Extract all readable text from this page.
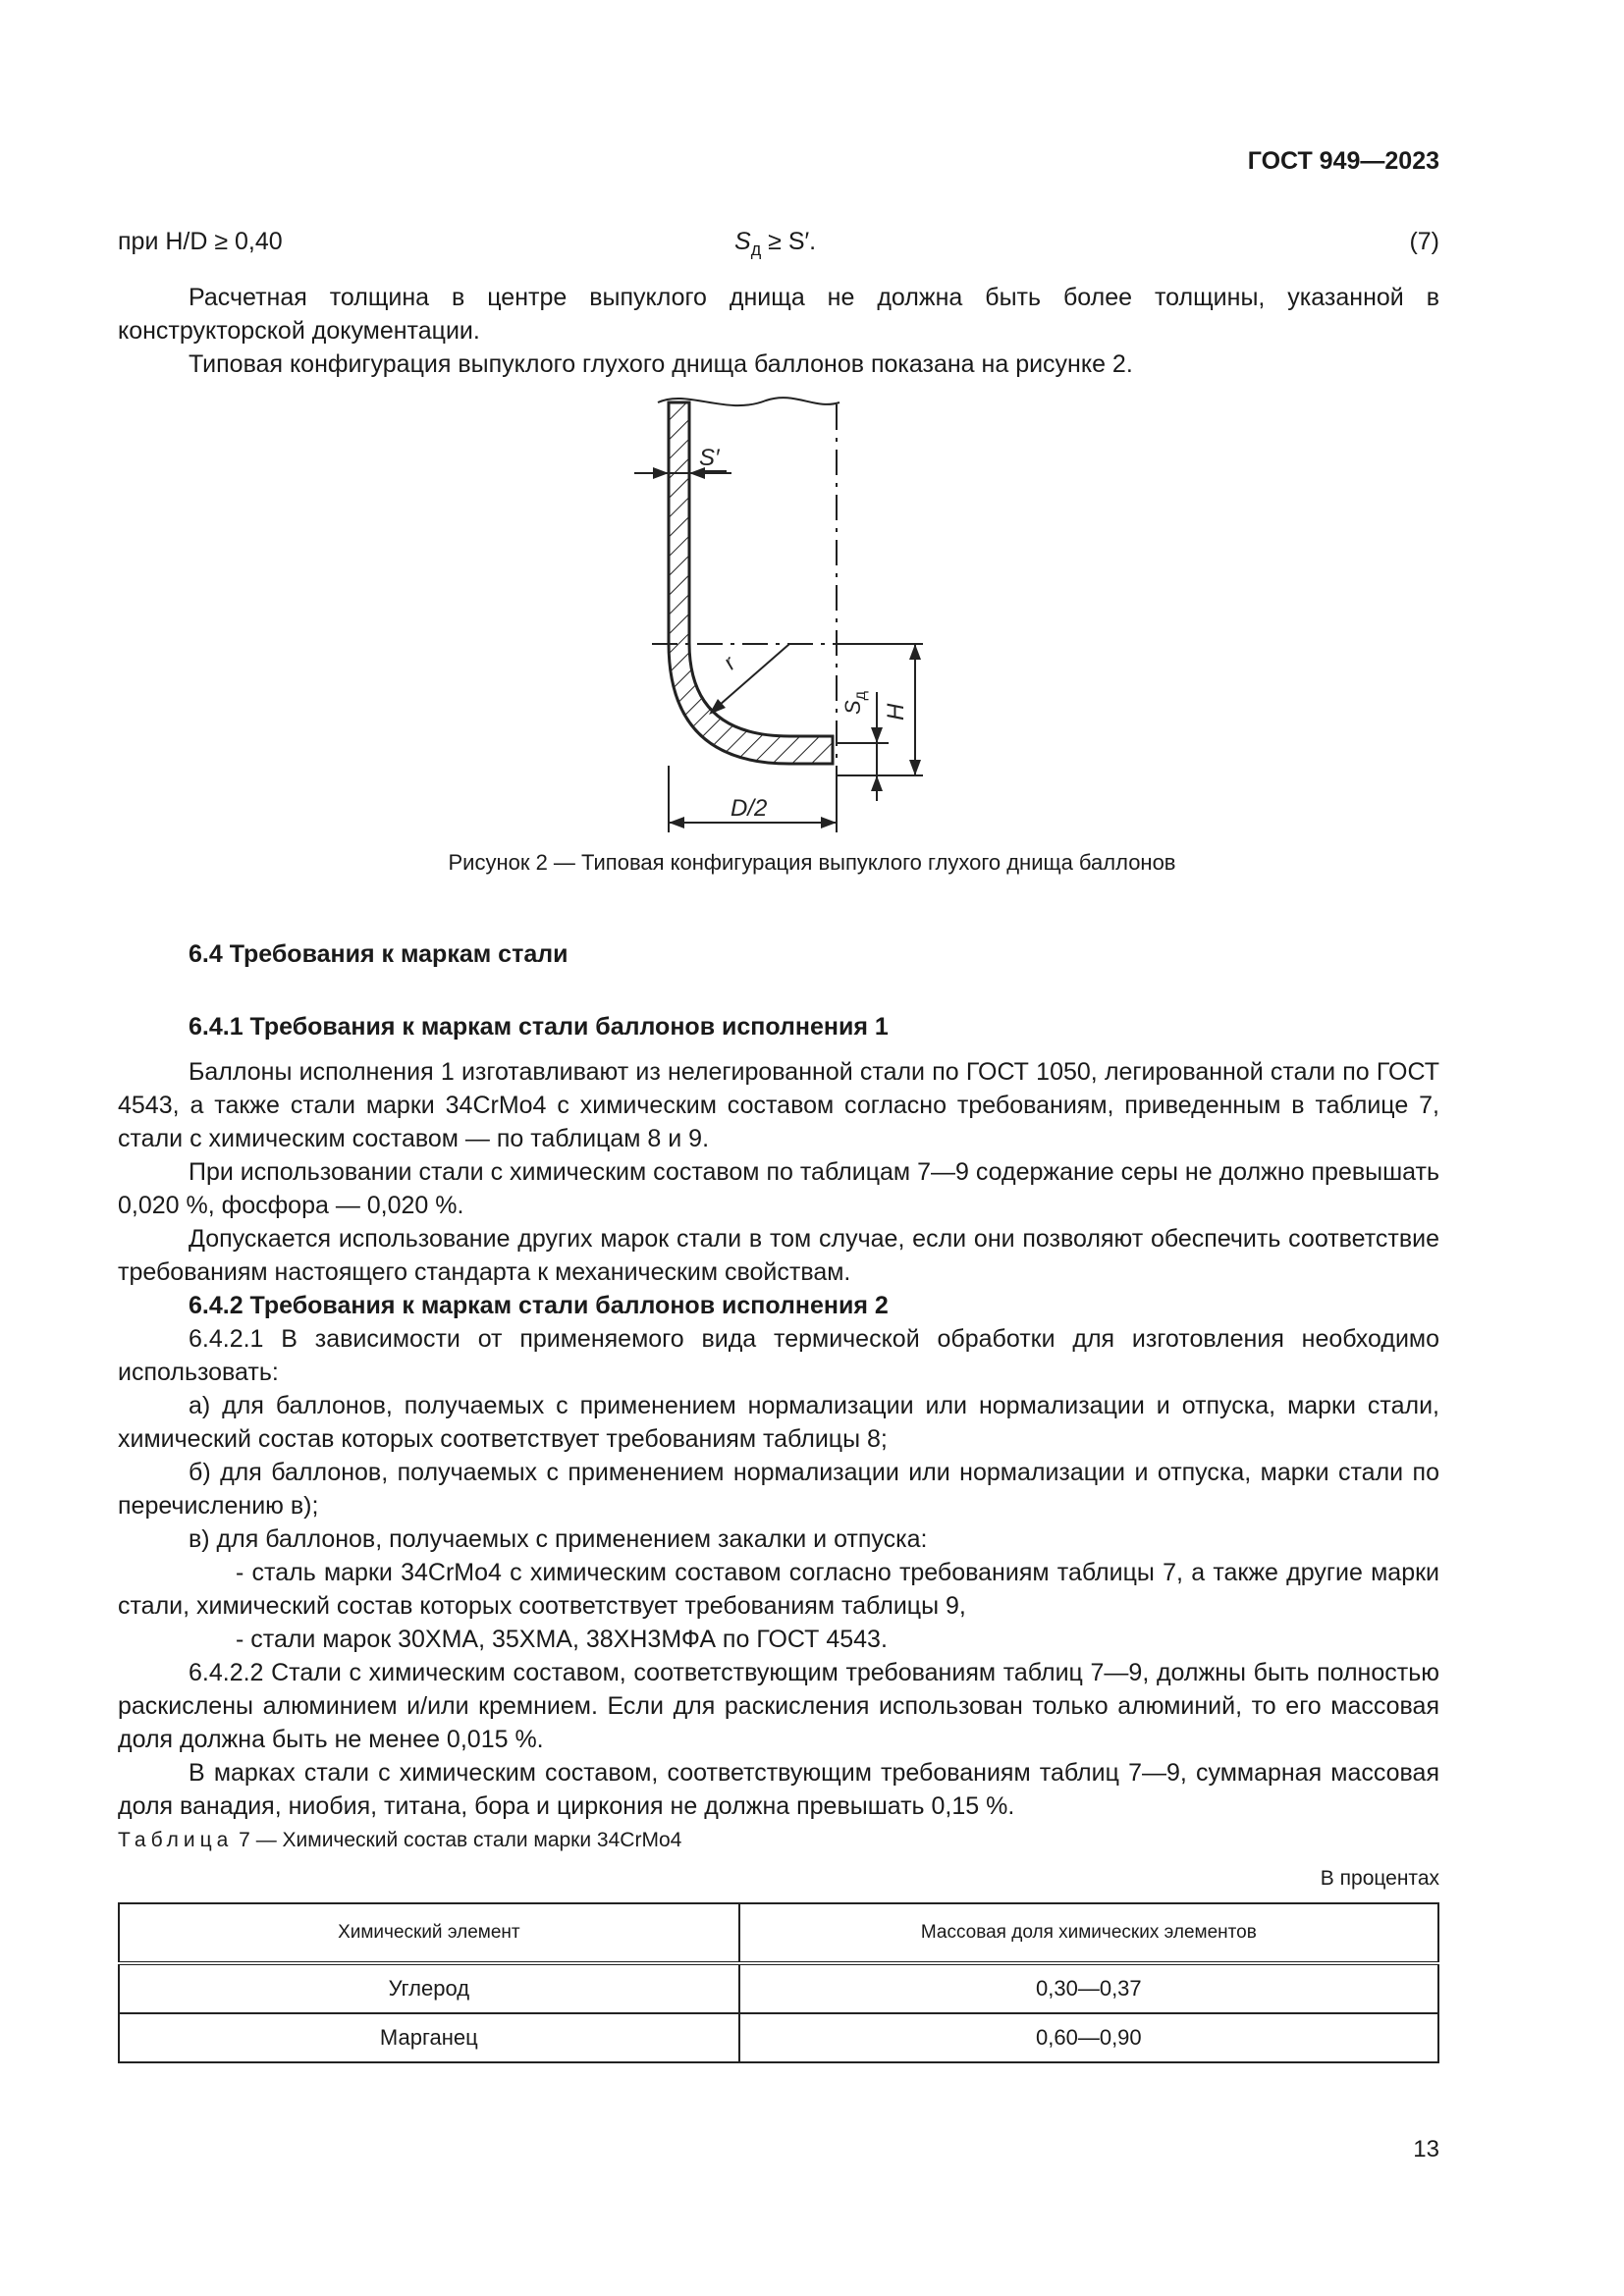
ГОСТ 949—2023
при H/D ≥ 0,40	$S_д \ge S'$.	(7)

Расчетная толщина в центре выпуклого днища не должна быть более толщины, указанной в конструкторской документации.

Типовая конфигурация выпуклого глухого днища баллонов показана на рисунке 2.

S′
r
$S_д$
H
D/2
Рисунок 2 — Типовая конфигурация выпуклого глухого днища баллонов
6.4 Требования к маркам стали
6.4.1 Требования к маркам стали баллонов исполнения 1

Баллоны исполнения 1 изготавливают из нелегированной стали по ГОСТ 1050, легированной стали по ГОСТ 4543, а также стали марки 34CrMo4 с химическим составом согласно требованиям, приведенным в таблице 7, стали с химическим составом — по таблицам 8 и 9.

При использовании стали с химическим составом по таблицам 7—9 содержание серы не должно превышать 0,020 %, фосфора — 0,020 %.

Допускается использование других марок стали в том случае, если они позволяют обеспечить соответствие требованиям настоящего стандарта к механическим свойствам.

6.4.2 Требования к маркам стали баллонов исполнения 2

6.4.2.1 В зависимости от применяемого вида термической обработки для изготовления необходимо использовать:

а) для баллонов, получаемых с применением нормализации или нормализации и отпуска, марки стали, химический состав которых соответствует требованиям таблицы 8;

б) для баллонов, получаемых с применением нормализации или нормализации и отпуска, марки стали по перечислению в);

в) для баллонов, получаемых с применением закалки и отпуска:

- сталь марки 34CrMo4 с химическим составом согласно требованиям таблицы 7, а также другие марки стали, химический состав которых соответствует требованиям таблицы 9,

- стали марок 30ХМА, 35ХМА, 38ХН3МФА по ГОСТ 4543.

6.4.2.2 Стали с химическим составом, соответствующим требованиям таблиц 7—9, должны быть полностью раскислены алюминием и/или кремнием. Если для раскисления использован только алюминий, то его массовая доля должна быть не менее 0,015 %.

В марках стали с химическим составом, соответствующим требованиям таблиц 7—9, суммарная массовая доля ванадия, ниобия, титана, бора и циркония не должна превышать 0,15 %.

Таблица 7 — Химический состав стали марки 34CrMo4
В процентах
Химический элемент	Массовая доля химических элементов
Углерод	0,30—0,37
Марганец	0,60—0,90
13
